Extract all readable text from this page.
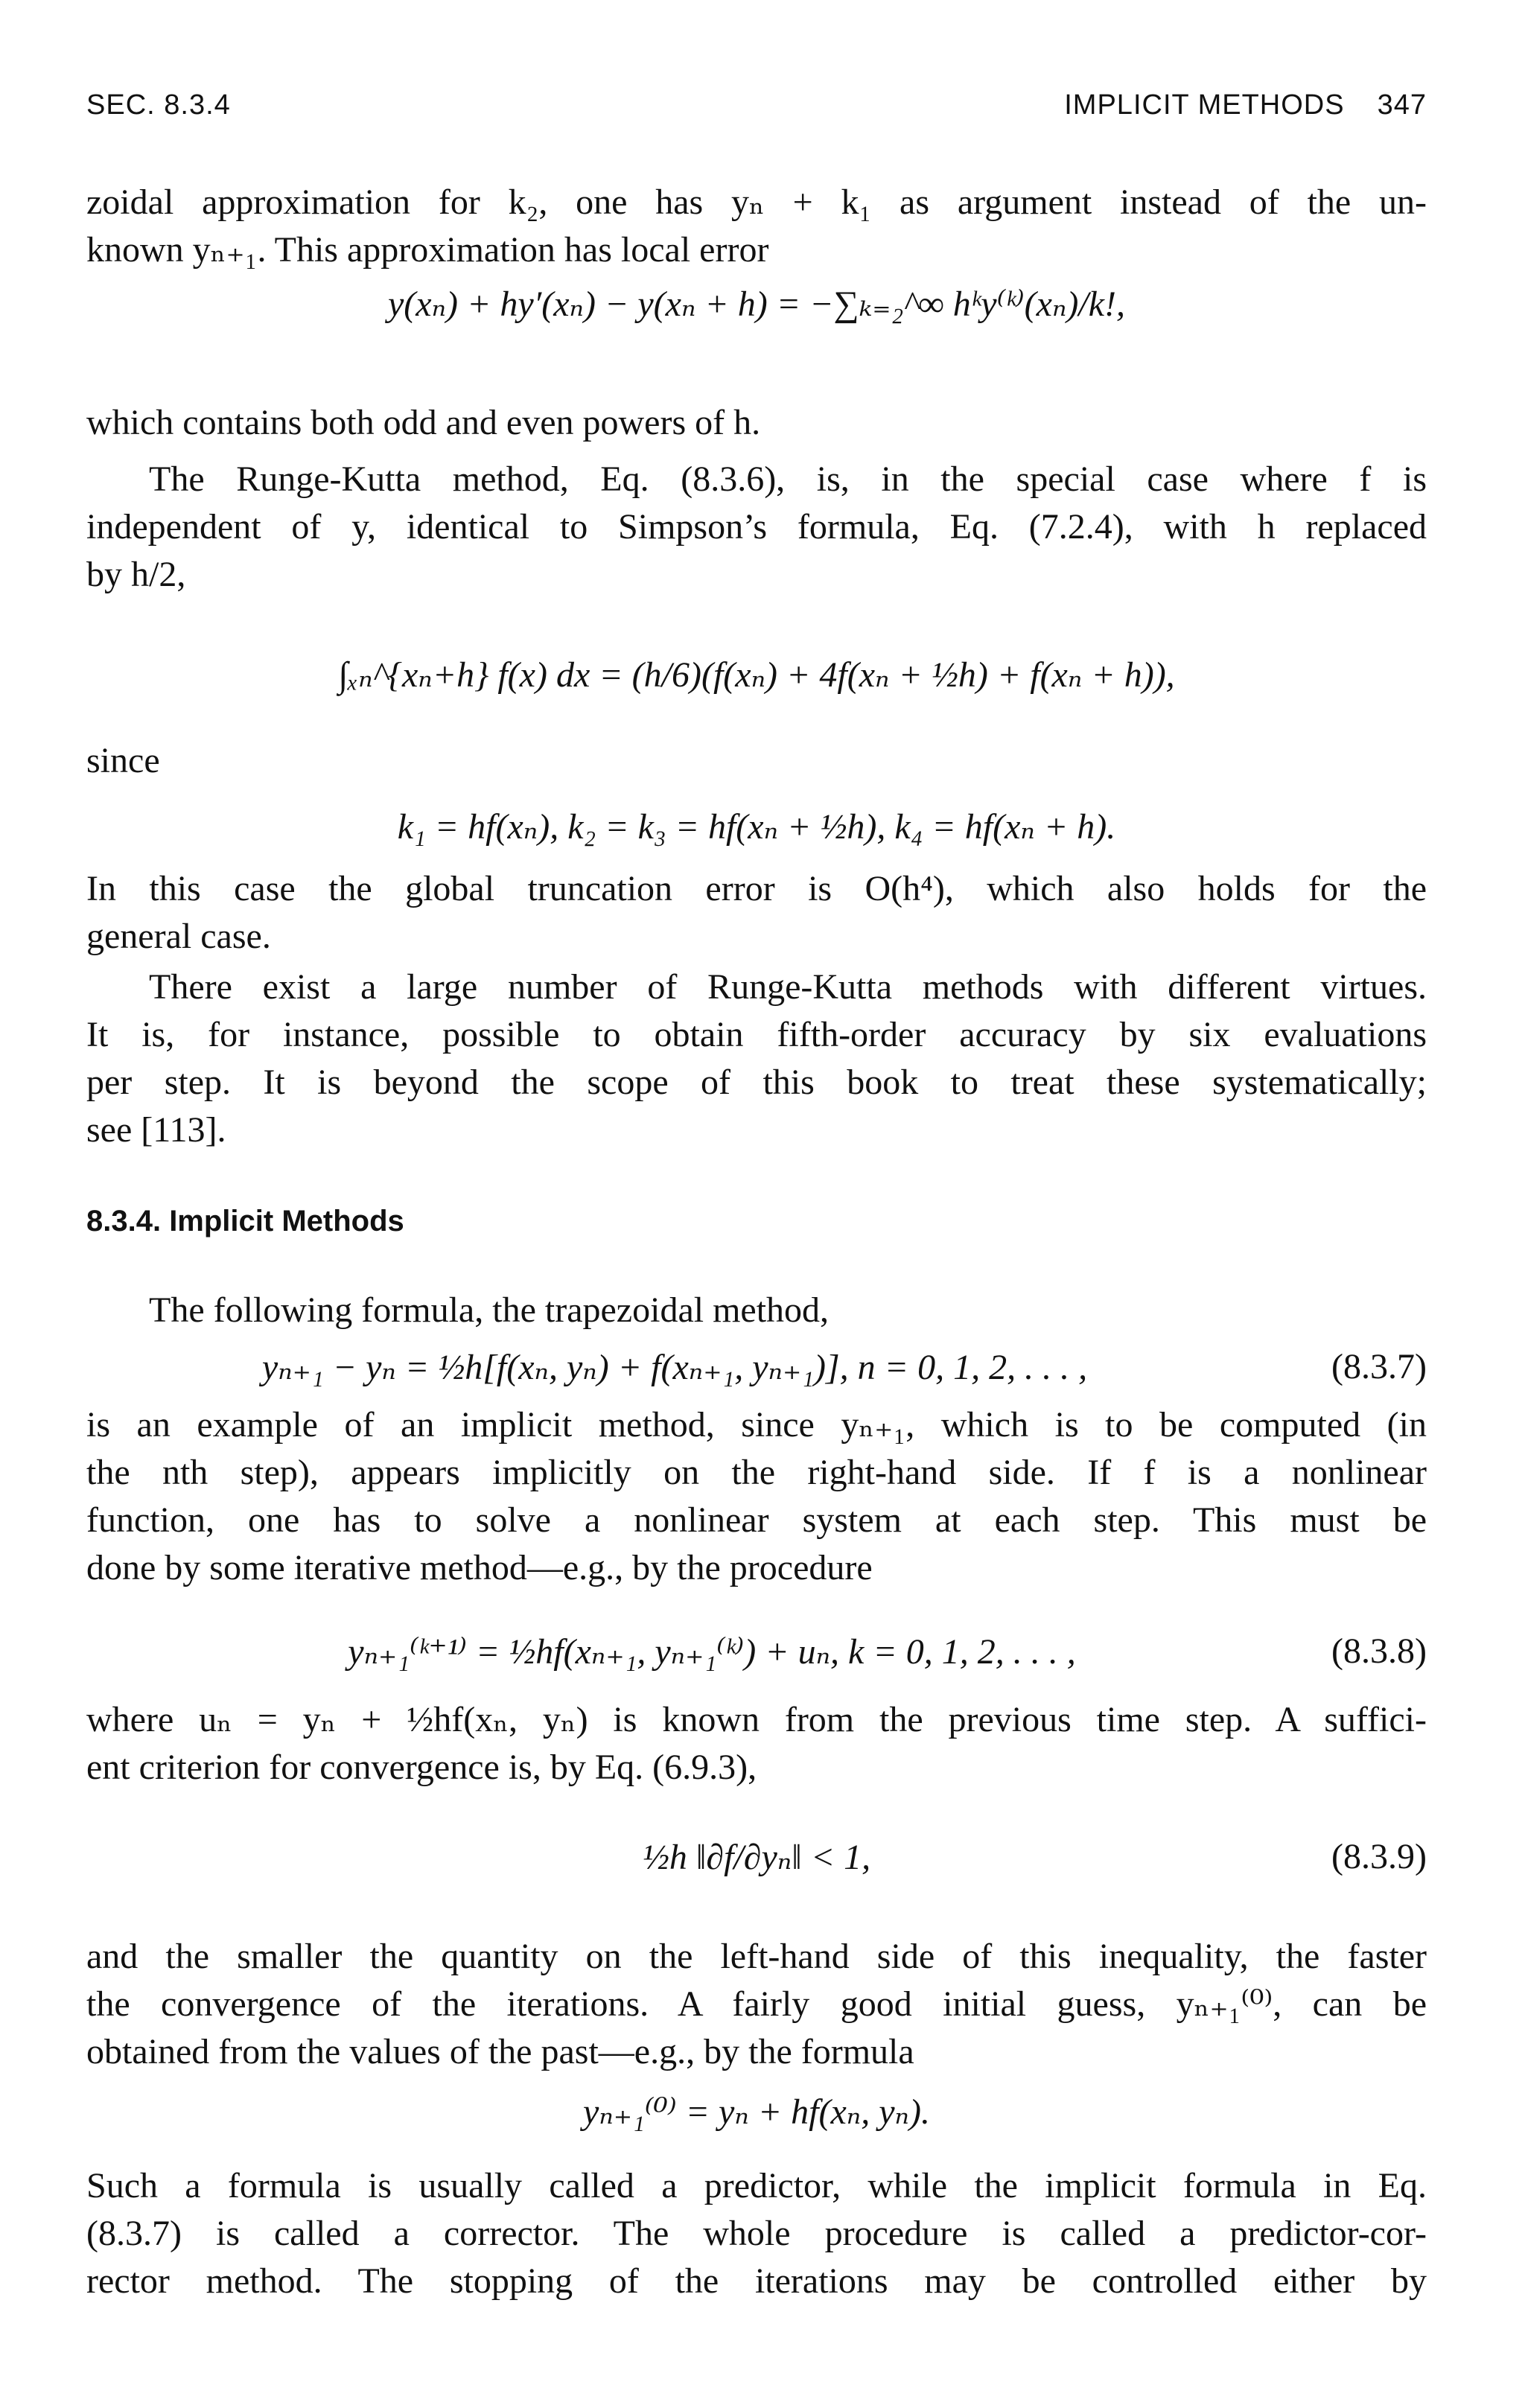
SEC. 8.3.4	IMPLICIT METHODS 347

zoidal approximation for k₂, one has yₙ + k₁ as argument instead of the un-

known yₙ₊₁. This approximation has local error

y(xₙ) + hy′(xₙ) − y(xₙ + h) = −∑ₖ₌₂^∞ hᵏy⁽ᵏ⁾(xₙ)/k!,

which contains both odd and even powers of h.

The Runge-Kutta method, Eq. (8.3.6), is, in the special case where f is

independent of y, identical to Simpson’s formula, Eq. (7.2.4), with h replaced

by h/2,

∫ₓₙ^{xₙ+h} f(x) dx = (h/6)(f(xₙ) + 4f(xₙ + ½h) + f(xₙ + h)),

since

k₁ = hf(xₙ), k₂ = k₃ = hf(xₙ + ½h), k₄ = hf(xₙ + h).

In this case the global truncation error is O(h⁴), which also holds for the

general case.

There exist a large number of Runge-Kutta methods with different virtues.

It is, for instance, possible to obtain fifth-order accuracy by six evaluations

per step. It is beyond the scope of this book to treat these systematically;

see [113].

8.3.4. Implicit Methods

The following formula, the trapezoidal method,

yₙ₊₁ − yₙ = ½h[f(xₙ, yₙ) + f(xₙ₊₁, yₙ₊₁)], n = 0, 1, 2, . . . ,	(8.3.7)

is an example of an implicit method, since yₙ₊₁, which is to be computed (in

the nth step), appears implicitly on the right-hand side. If f is a nonlinear

function, one has to solve a nonlinear system at each step. This must be

done by some iterative method—e.g., by the procedure

yₙ₊₁⁽ᵏ⁺¹⁾ = ½hf(xₙ₊₁, yₙ₊₁⁽ᵏ⁾) + uₙ, k = 0, 1, 2, . . . ,	(8.3.8)

where uₙ = yₙ + ½hf(xₙ, yₙ) is known from the previous time step. A suffici-

ent criterion for convergence is, by Eq. (6.9.3),

½h ‖∂f/∂yₙ‖ < 1,	(8.3.9)

and the smaller the quantity on the left-hand side of this inequality, the faster

the convergence of the iterations. A fairly good initial guess, yₙ₊₁⁽⁰⁾, can be

obtained from the values of the past—e.g., by the formula

yₙ₊₁⁽⁰⁾ = yₙ + hf(xₙ, yₙ).

Such a formula is usually called a predictor, while the implicit formula in Eq.

(8.3.7) is called a corrector. The whole procedure is called a predictor-cor-

rector method. The stopping of the iterations may be controlled either by
